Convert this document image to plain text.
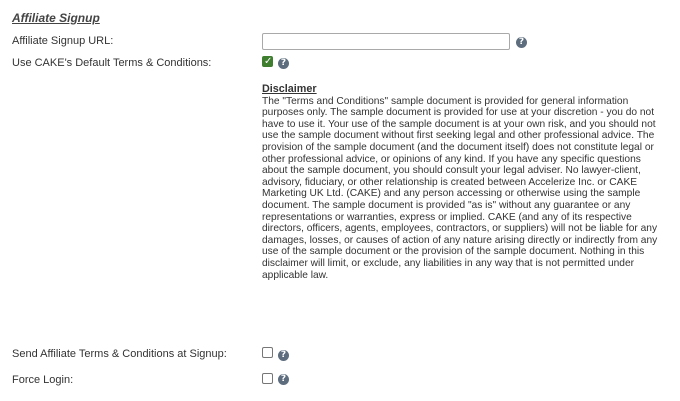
Affiliate Signup
Affiliate Signup URL:	?
Use CAKE's Default Terms & Conditions:	✓ ?

Disclaimer

The "Terms and Conditions" sample document is provided for general information purposes only. The sample document is provided for use at your discretion - you do not have to use it. Your use of the sample document is at your own risk, and you should not use the sample document without first seeking legal and other professional advice. The provision of the sample document (and the document itself) does not constitute legal or other professional advice, or opinions of any kind. If you have any specific questions about the sample document, you should consult your legal adviser. No lawyer-client, advisory, fiduciary, or other relationship is created between Accelerize Inc. or CAKE Marketing UK Ltd. (CAKE) and any person accessing or otherwise using the sample document. The sample document is provided "as is" without any guarantee or any representations or warranties, express or implied. CAKE (and any of its respective directors, officers, agents, employees, contractors, or suppliers) will not be liable for any damages, losses, or causes of action of any nature arising directly or indirectly from any use of the sample document or the provision of the sample document. Nothing in this disclaimer will limit, or exclude, any liabilities in any way that is not permitted under applicable law.

Send Affiliate Terms & Conditions at Signup:	?
Force Login:	?
